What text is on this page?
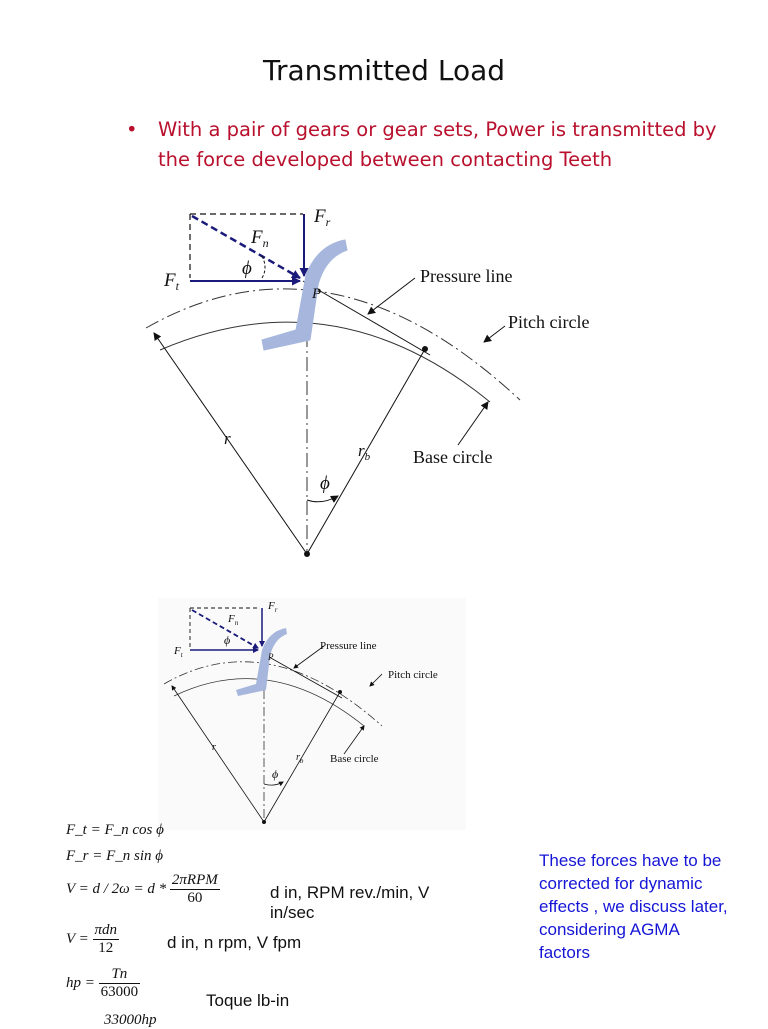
Transmitted Load
• With a pair of gears or gear sets, Power is transmitted by the force developed between contacting Teeth
$F_r$
$F_n$
$F_t$
ϕ
P
Pressure line
Pitch circle
r
$r_b$ Base circle
ϕ
$F_r$
$F_n$
$F_t$
ϕ
P
Pressure line
Pitch circle
r
$r_b$ Base circle
ϕ
F_t = F_n cos ϕ
F_r = F_n sin ϕ
$V = d / 2\omega = d * \frac{\text{2πRPM}}{60}$	d in, RPM rev./min, V in/sec
$V = \frac{\text{πdn}}{12}$	d in, n rpm, V fpm
hp = $\frac{Tn}{63000}$	Toque lb-in
33000hp
These forces have to be corrected for dynamic effects , we discuss later, considering AGMA factors
